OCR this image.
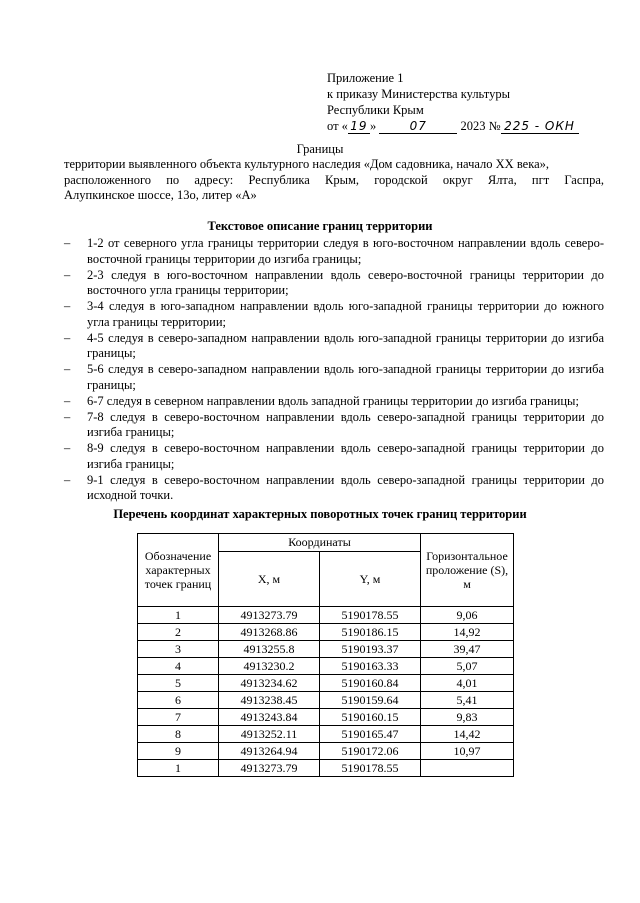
Приложение 1
к приказу Министерства культуры
Республики Крым
от « 19 »	07	2023 № 225 - ОКН
Границы
территории выявленного объекта культурного наследия «Дом садовника, начало XX века»,
расположенного по адресу: Республика Крым, городской округ Ялта, пгт Гаспра,
Алупкинское шоссе, 13о, литер «А»
Текстовое описание границ территории
– 1-2 от северного угла границы территории следуя в юго-восточном направлении вдоль северо-восточной границы территории до изгиба границы;
– 2-3 следуя в юго-восточном направлении вдоль северо-восточной границы территории до восточного угла границы территории;
– 3-4 следуя в юго-западном направлении вдоль юго-западной границы территории до южного угла границы территории;
– 4-5 следуя в северо-западном направлении вдоль юго-западной границы территории до изгиба границы;
– 5-6 следуя в северо-западном направлении вдоль юго-западной границы территории до изгиба границы;
– 6-7 следуя в северном направлении вдоль западной границы территории до изгиба границы;
– 7-8 следуя в северо-восточном направлении вдоль северо-западной границы территории до изгиба границы;
– 8-9 следуя в северо-восточном направлении вдоль северо-западной границы территории до изгиба границы;
– 9-1 следуя в северо-восточном направлении вдоль северо-западной границы территории до исходной точки.
Перечень координат характерных поворотных точек границ территории
Обозначение характерных точек границ	Координаты		Горизонтальное проложение (S), м
	X, м	Y, м	
1	4913273.79	5190178.55	9,06
2	4913268.86	5190186.15	14,92
3	4913255.8	5190193.37	39,47
4	4913230.2	5190163.33	5,07
5	4913234.62	5190160.84	4,01
6	4913238.45	5190159.64	5,41
7	4913243.84	5190160.15	9,83
8	4913252.11	5190165.47	14,42
9	4913264.94	5190172.06	10,97
1	4913273.79	5190178.55	
